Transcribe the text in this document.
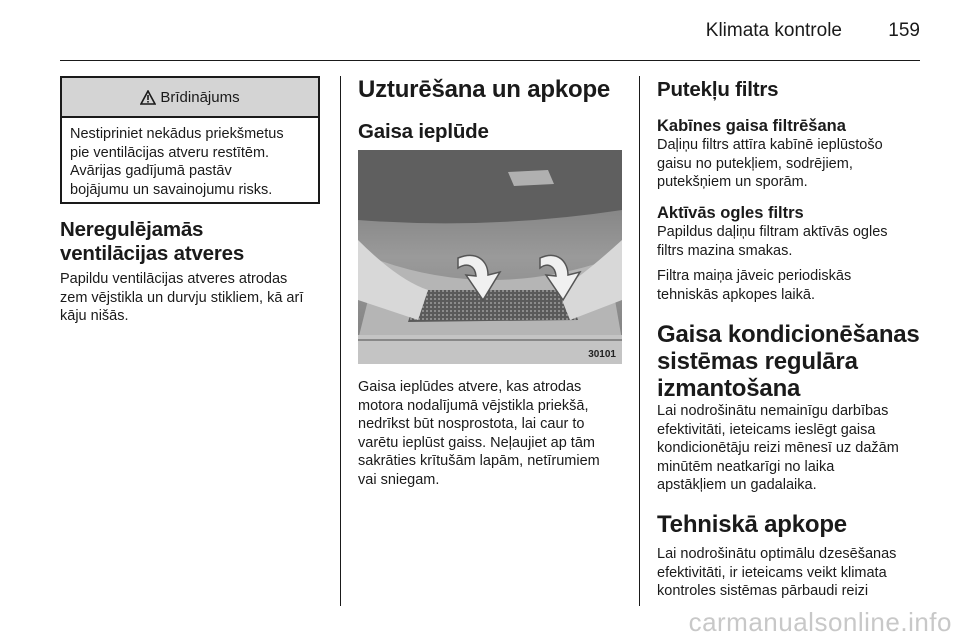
Klimata kontrole 159
Brīdinājums
Nestipriniet nekādus priekšmetus
pie ventilācijas atveru restītēm.
Avārijas gadījumā pastāv
bojājumu un savainojumu risks.
Neregulējamās
ventilācijas atveres
Papildu ventilācijas atveres atrodas
zem vējstikla un durvju stikliem, kā arī
kāju nišās.
Uzturēšana un apkope
Gaisa ieplūde
30101
Gaisa ieplūdes atvere, kas atrodas
motora nodalījumā vējstikla priekšā,
nedrīkst būt nosprostota, lai caur to
varētu ieplūst gaiss. Neļaujiet ap tām
sakrāties krītušām lapām, netīrumiem
vai sniegam.
Putekļu filtrs
Kabīnes gaisa filtrēšana
Daļiņu filtrs attīra kabīnē ieplūstošo
gaisu no putekļiem, sodrējiem,
putekšņiem un sporām.
Aktīvās ogles filtrs
Papildus daļiņu filtram aktīvās ogles
filtrs mazina smakas.
Filtra maiņa jāveic periodiskās
tehniskās apkopes laikā.
Gaisa kondicionēšanas
sistēmas regulāra
izmantošana
Lai nodrošinātu nemainīgu darbības
efektivitāti, ieteicams ieslēgt gaisa
kondicionētāju reizi mēnesī uz dažām
minūtēm neatkarīgi no laika
apstākļiem un gadalaika.
Tehniskā apkope
Lai nodrošinātu optimālu dzesēšanas
efektivitāti, ir ieteicams veikt klimata
kontroles sistēmas pārbaudi reizi
carmanualsonline.info
